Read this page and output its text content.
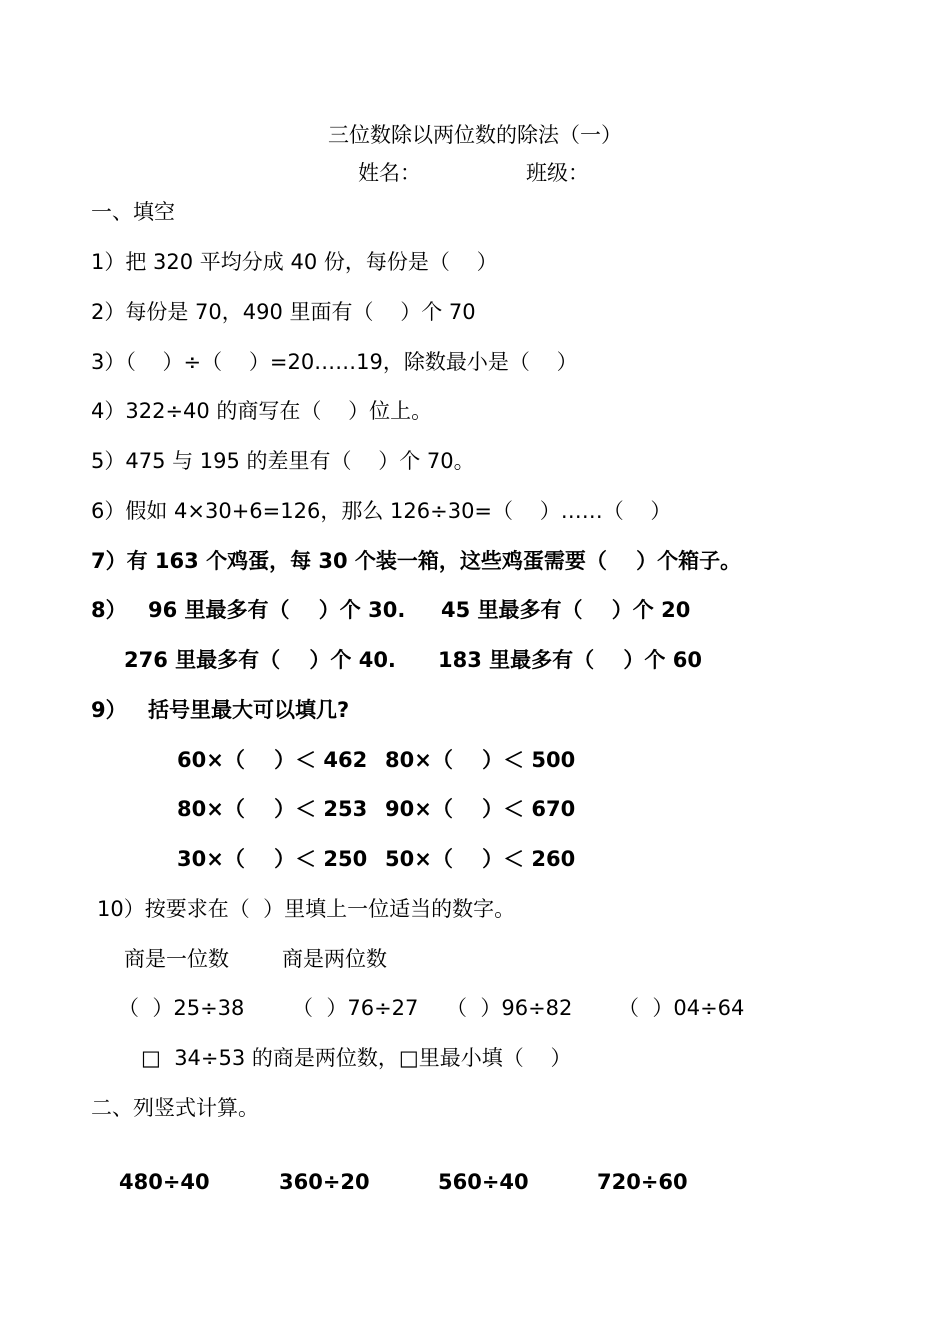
三位数除以两位数的除法（一）
姓名：	班级：
一、填空
1）把 320 平均分成 40 份，每份是（    ）
2）每份是 70，490 里面有（    ）个 70
3）（    ）÷（    ）=20……19，除数最小是（    ）
4）322÷40 的商写在（    ）位上。
5）475 与 195 的差里有（    ）个 70。
6）假如 4×30+6=126，那么 126÷30=（    ）……（    ）
7）有 163 个鸡蛋，每 30 个装一箱，这些鸡蛋需要（    ）个箱子。
8） 96 里最多有（    ）个 30. 45 里最多有（    ）个 20
276 里最多有（    ）个 40. 183 里最多有（    ）个 60
9） 括号里最大可以填几?
60×（    ）＜ 462 80×（    ）＜ 500
80×（    ）＜ 253 90×（    ）＜ 670
30×（    ）＜ 250 50×（    ）＜ 260
10）按要求在（  ）里填上一位适当的数字。
商是一位数	商是两位数
（  ）25÷38 （  ）76÷27 （  ）96÷82 （  ）04÷64
□  34÷53 的商是两位数，□里最小填（    ）
二、列竖式计算。
480÷40	360÷20	560÷40	720÷60
